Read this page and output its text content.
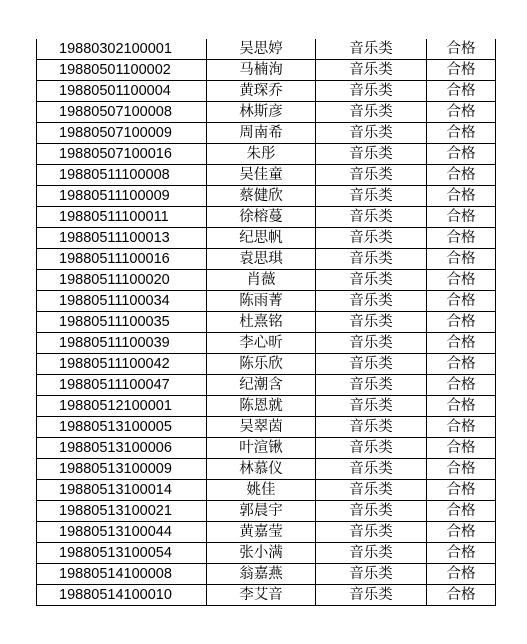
19880302100001	吴思婷	音乐类	合格
19880501100002	马楠洵	音乐类	合格
19880501100004	黄琛乔	音乐类	合格
19880507100008	林斯彦	音乐类	合格
19880507100009	周南希	音乐类	合格
19880507100016	朱彤	音乐类	合格
19880511100008	吴佳童	音乐类	合格
19880511100009	蔡健欣	音乐类	合格
19880511100011	徐榕蔓	音乐类	合格
19880511100013	纪思帆	音乐类	合格
19880511100016	袁思琪	音乐类	合格
19880511100020	肖薇	音乐类	合格
19880511100034	陈雨菁	音乐类	合格
19880511100035	杜熹铭	音乐类	合格
19880511100039	李心昕	音乐类	合格
19880511100042	陈乐欣	音乐类	合格
19880511100047	纪潮含	音乐类	合格
19880512100001	陈恩就	音乐类	合格
19880513100005	吴翠茵	音乐类	合格
19880513100006	叶渲锹	音乐类	合格
19880513100009	林慕仪	音乐类	合格
19880513100014	姚佳	音乐类	合格
19880513100021	郭晨宇	音乐类	合格
19880513100044	黄嘉莹	音乐类	合格
19880513100054	张小满	音乐类	合格
19880514100008	翁嘉燕	音乐类	合格
19880514100010	李艾音	音乐类	合格
